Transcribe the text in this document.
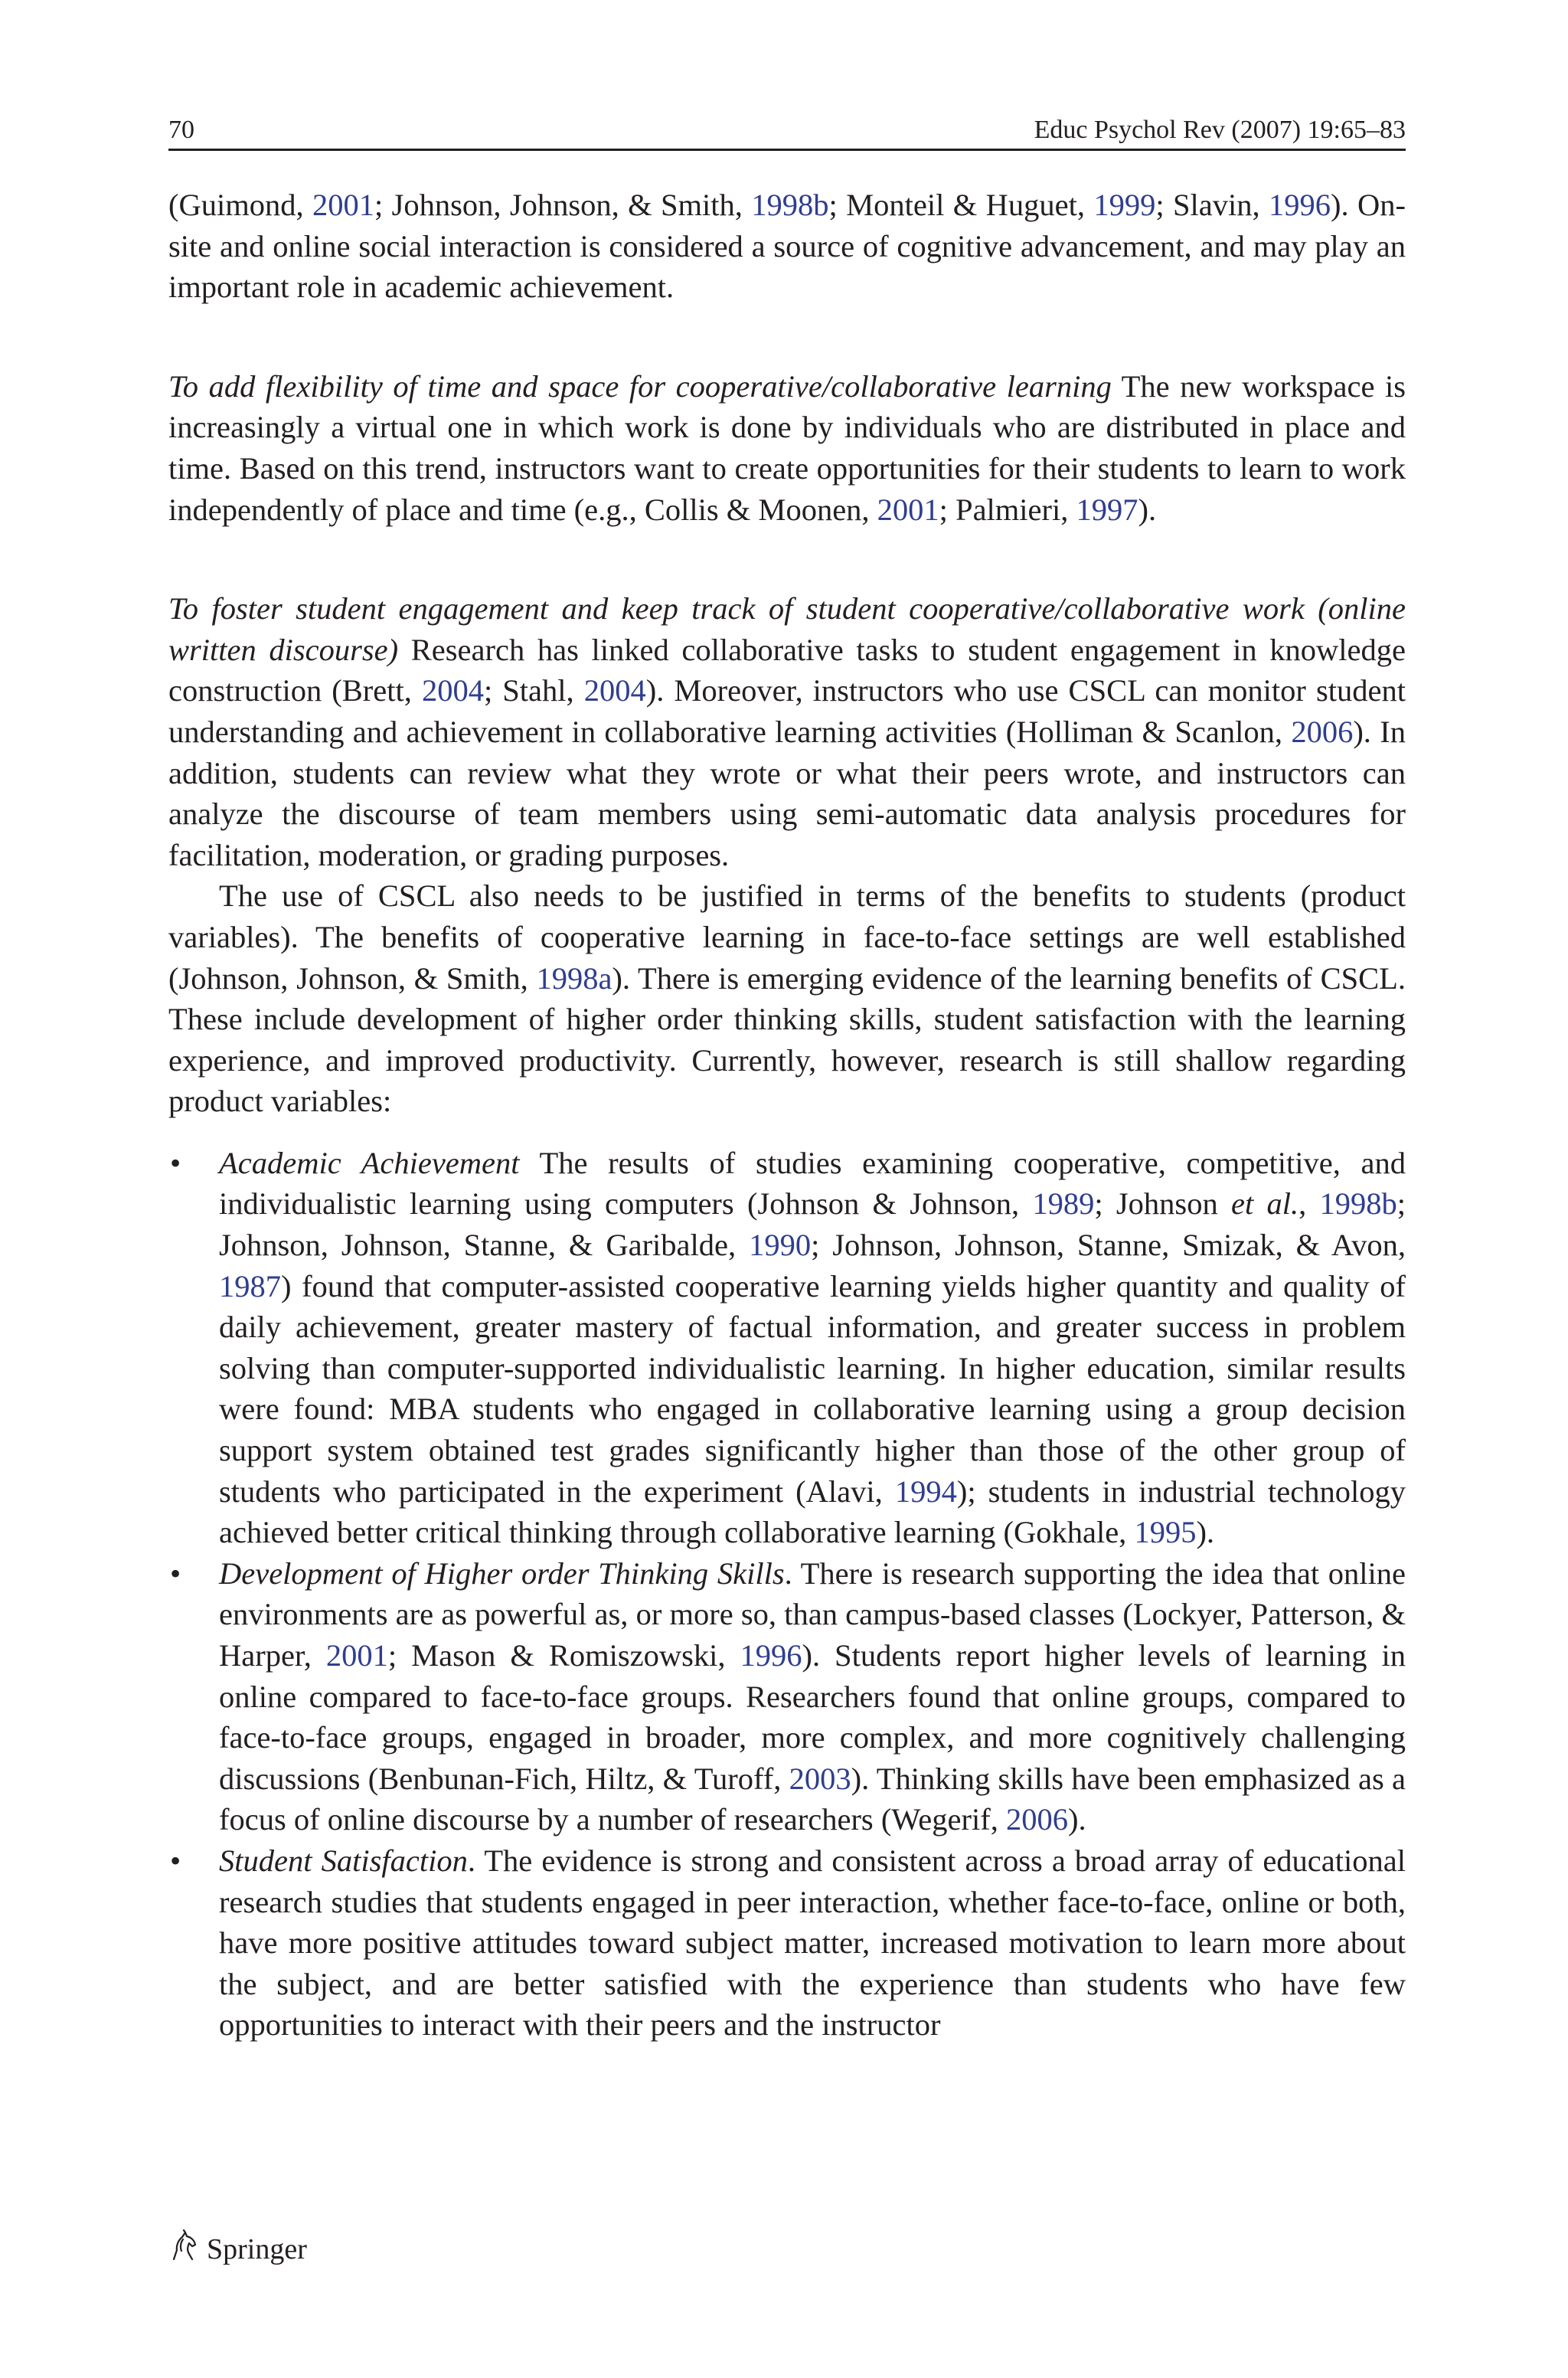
70	Educ Psychol Rev (2007) 19:65–83

(Guimond, 2001; Johnson, Johnson, & Smith, 1998b; Monteil & Huguet, 1999; Slavin, 1996). On-site and online social interaction is considered a source of cognitive advancement, and may play an important role in academic achievement.

To add flexibility of time and space for cooperative/collaborative learning The new workspace is increasingly a virtual one in which work is done by individuals who are distributed in place and time. Based on this trend, instructors want to create opportunities for their students to learn to work independently of place and time (e.g., Collis & Moonen, 2001; Palmieri, 1997).

To foster student engagement and keep track of student cooperative/collaborative work (online written discourse) Research has linked collaborative tasks to student engagement in knowledge construction (Brett, 2004; Stahl, 2004). Moreover, instructors who use CSCL can monitor student understanding and achievement in collaborative learning activities (Holliman & Scanlon, 2006). In addition, students can review what they wrote or what their peers wrote, and instructors can analyze the discourse of team members using semi-automatic data analysis procedures for facilitation, moderation, or grading purposes.

The use of CSCL also needs to be justified in terms of the benefits to students (product variables). The benefits of cooperative learning in face-to-face settings are well established (Johnson, Johnson, & Smith, 1998a). There is emerging evidence of the learning benefits of CSCL. These include development of higher order thinking skills, student satisfaction with the learning experience, and improved productivity. Currently, however, research is still shallow regarding product variables:

• Academic Achievement The results of studies examining cooperative, competitive, and individualistic learning using computers (Johnson & Johnson, 1989; Johnson et al., 1998b; Johnson, Johnson, Stanne, & Garibalde, 1990; Johnson, Johnson, Stanne, Smizak, & Avon, 1987) found that computer-assisted cooperative learning yields higher quantity and quality of daily achievement, greater mastery of factual information, and greater success in problem solving than computer-supported individualistic learning. In higher education, similar results were found: MBA students who engaged in collaborative learning using a group decision support system obtained test grades significantly higher than those of the other group of students who participated in the experiment (Alavi, 1994); students in industrial technology achieved better critical thinking through collaborative learning (Gokhale, 1995).
• Development of Higher order Thinking Skills. There is research supporting the idea that online environments are as powerful as, or more so, than campus-based classes (Lockyer, Patterson, & Harper, 2001; Mason & Romiszowski, 1996). Students report higher levels of learning in online compared to face-to-face groups. Researchers found that online groups, compared to face-to-face groups, engaged in broader, more complex, and more cognitively challenging discussions (Benbunan-Fich, Hiltz, & Turoff, 2003). Thinking skills have been emphasized as a focus of online discourse by a number of researchers (Wegerif, 2006).
• Student Satisfaction. The evidence is strong and consistent across a broad array of educational research studies that students engaged in peer interaction, whether face-to-face, online or both, have more positive attitudes toward subject matter, increased motivation to learn more about the subject, and are better satisfied with the experience than students who have few opportunities to interact with their peers and the instructor
Springer
